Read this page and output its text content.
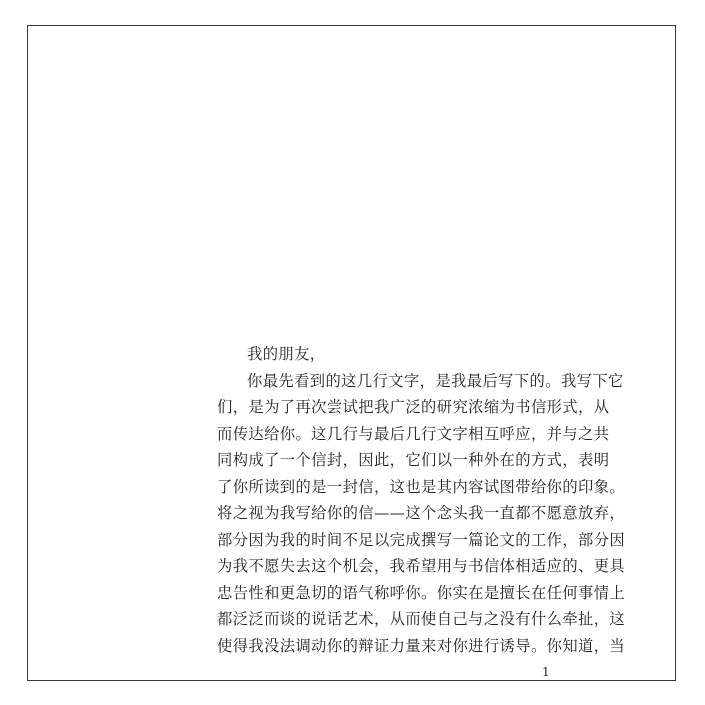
我的朋友，
你最先看到的这几行文字，是我最后写下的。我写下它
们，是为了再次尝试把我广泛的研究浓缩为书信形式，从
而传达给你。这几行与最后几行文字相互呼应，并与之共
同构成了一个信封，因此，它们以一种外在的方式，表明
了你所读到的是一封信，这也是其内容试图带给你的印象。
将之视为我写给你的信——这个念头我一直都不愿意放弃，
部分因为我的时间不足以完成撰写一篇论文的工作，部分因
为我不愿失去这个机会，我希望用与书信体相适应的、更具
忠告性和更急切的语气称呼你。你实在是擅长在任何事情上
都泛泛而谈的说话艺术，从而使自己与之没有什么牵扯，这
使得我没法调动你的辩证力量来对你进行诱导。你知道，当
1
